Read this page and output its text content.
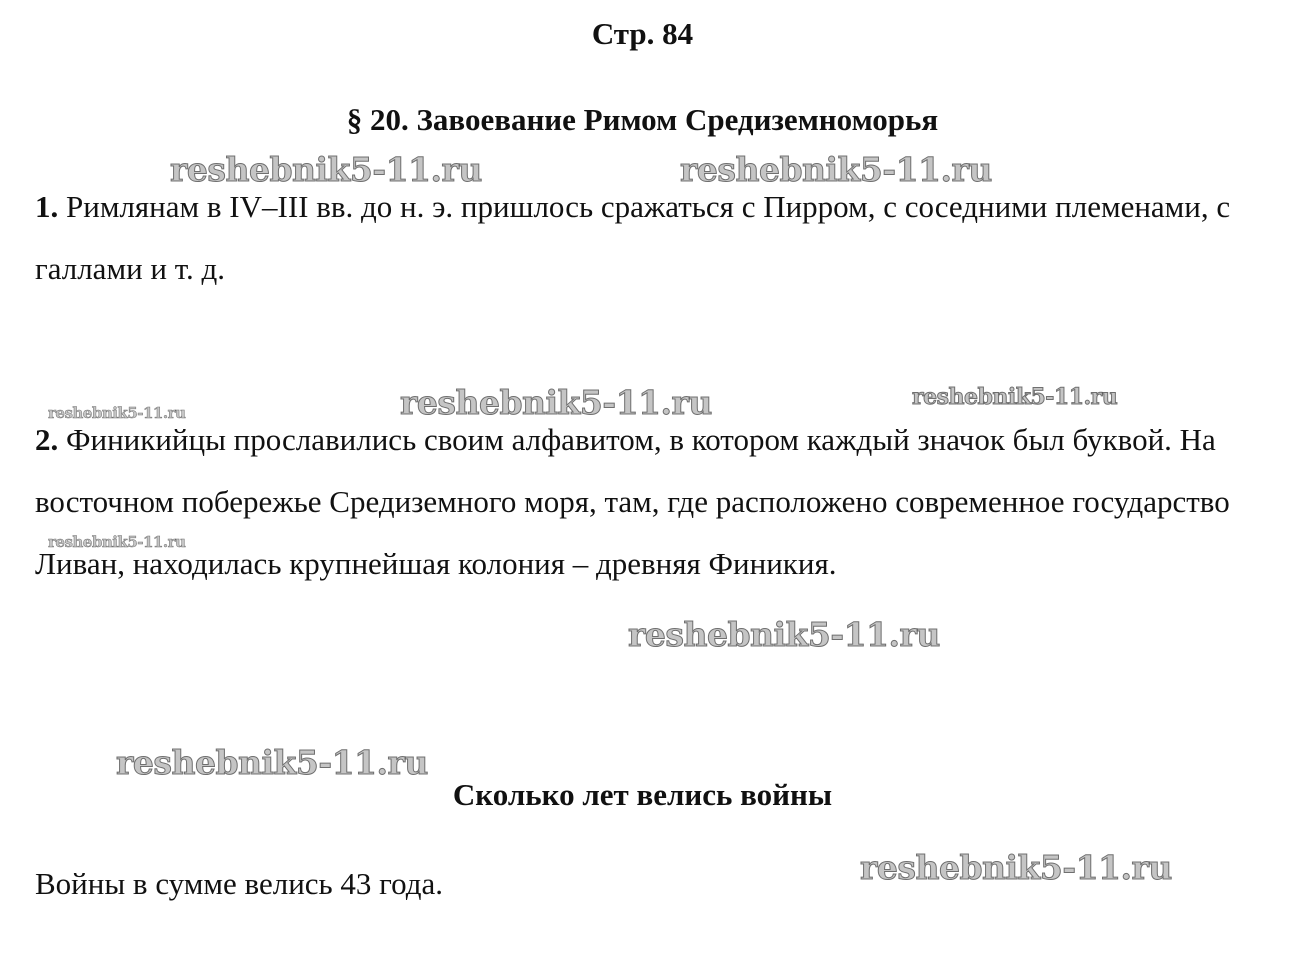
Стр. 84
§ 20. Завоевание Римом Средиземноморья

1. Римлянам в IV–III вв. до н. э. пришлось сражаться с Пирром, с соседними племенами, с галлами и т. д.

2. Финикийцы прославились своим алфавитом, в котором каждый значок был буквой. На восточном побережье Средиземного моря, там, где расположено современное государство Ливан, находилась крупнейшая колония – древняя Финикия.

Сколько лет велись войны
Войны в сумме велись 43 года.
reshebnik5-11.ru	reshebnik5-11.ru
reshebnik5-11.ru	reshebnik5-11.ru	reshebnik5-11.ru
reshebnik5-11.ru
reshebnik5-11.ru
reshebnik5-11.ru
reshebnik5-11.ru
